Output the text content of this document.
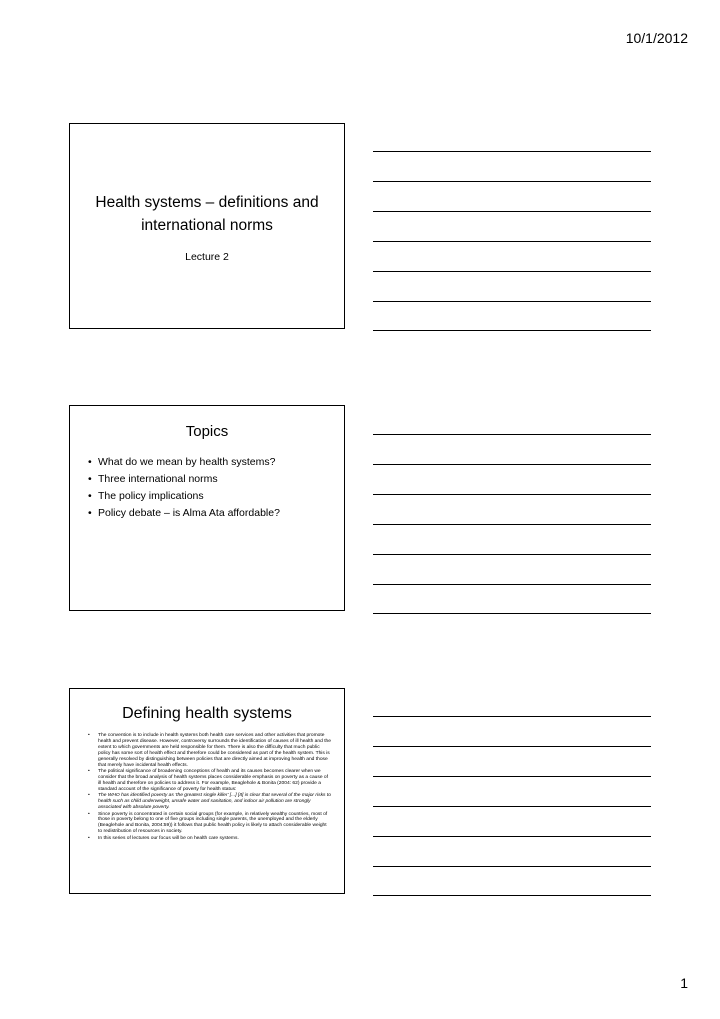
10/1/2012
Health systems – definitions and international norms
Lecture 2
Topics
• What do we mean by health systems?
• Three international norms
• The policy implications
• Policy debate – is Alma Ata affordable?
Defining health systems
• The convention is to include in health systems both health care services and other activities that promote health and prevent disease. However, controversy surrounds the identification of causes of ill health and the extent to which governments are held responsible for them. There is also the difficulty that much public policy has some sort of health effect and therefore could be considered as part of the health system. This is generally resolved by distinguishing between policies that are directly aimed at improving health and those that merely have incidental health effects.
• The political significance of broadening conceptions of health and its causes becomes clearer when we consider that the broad analysis of health systems places considerable emphasis on poverty as a cause of ill health and therefore on policies to address it. For example, Beaglehole & Bonita (2004: 62) provide a standard account of the significance of poverty for health status:
• The WHO has identified poverty as 'the greatest single killer' [...] [It] is clear that several of the major risks to health such as child underweight, unsafe water and sanitation, and indoor air pollution are strongly associated with absolute poverty.
• Since poverty is concentrated in certain social groups (for example, in relatively wealthy countries, most of those in poverty belong to one of five groups including single parents, the unemployed and the elderly (Beaglehole and Bonita, 2004:59)) it follows that public health policy is likely to attach considerable weight to redistribution of resources in society.
• In this series of lectures our focus will be on health care systems.
1
